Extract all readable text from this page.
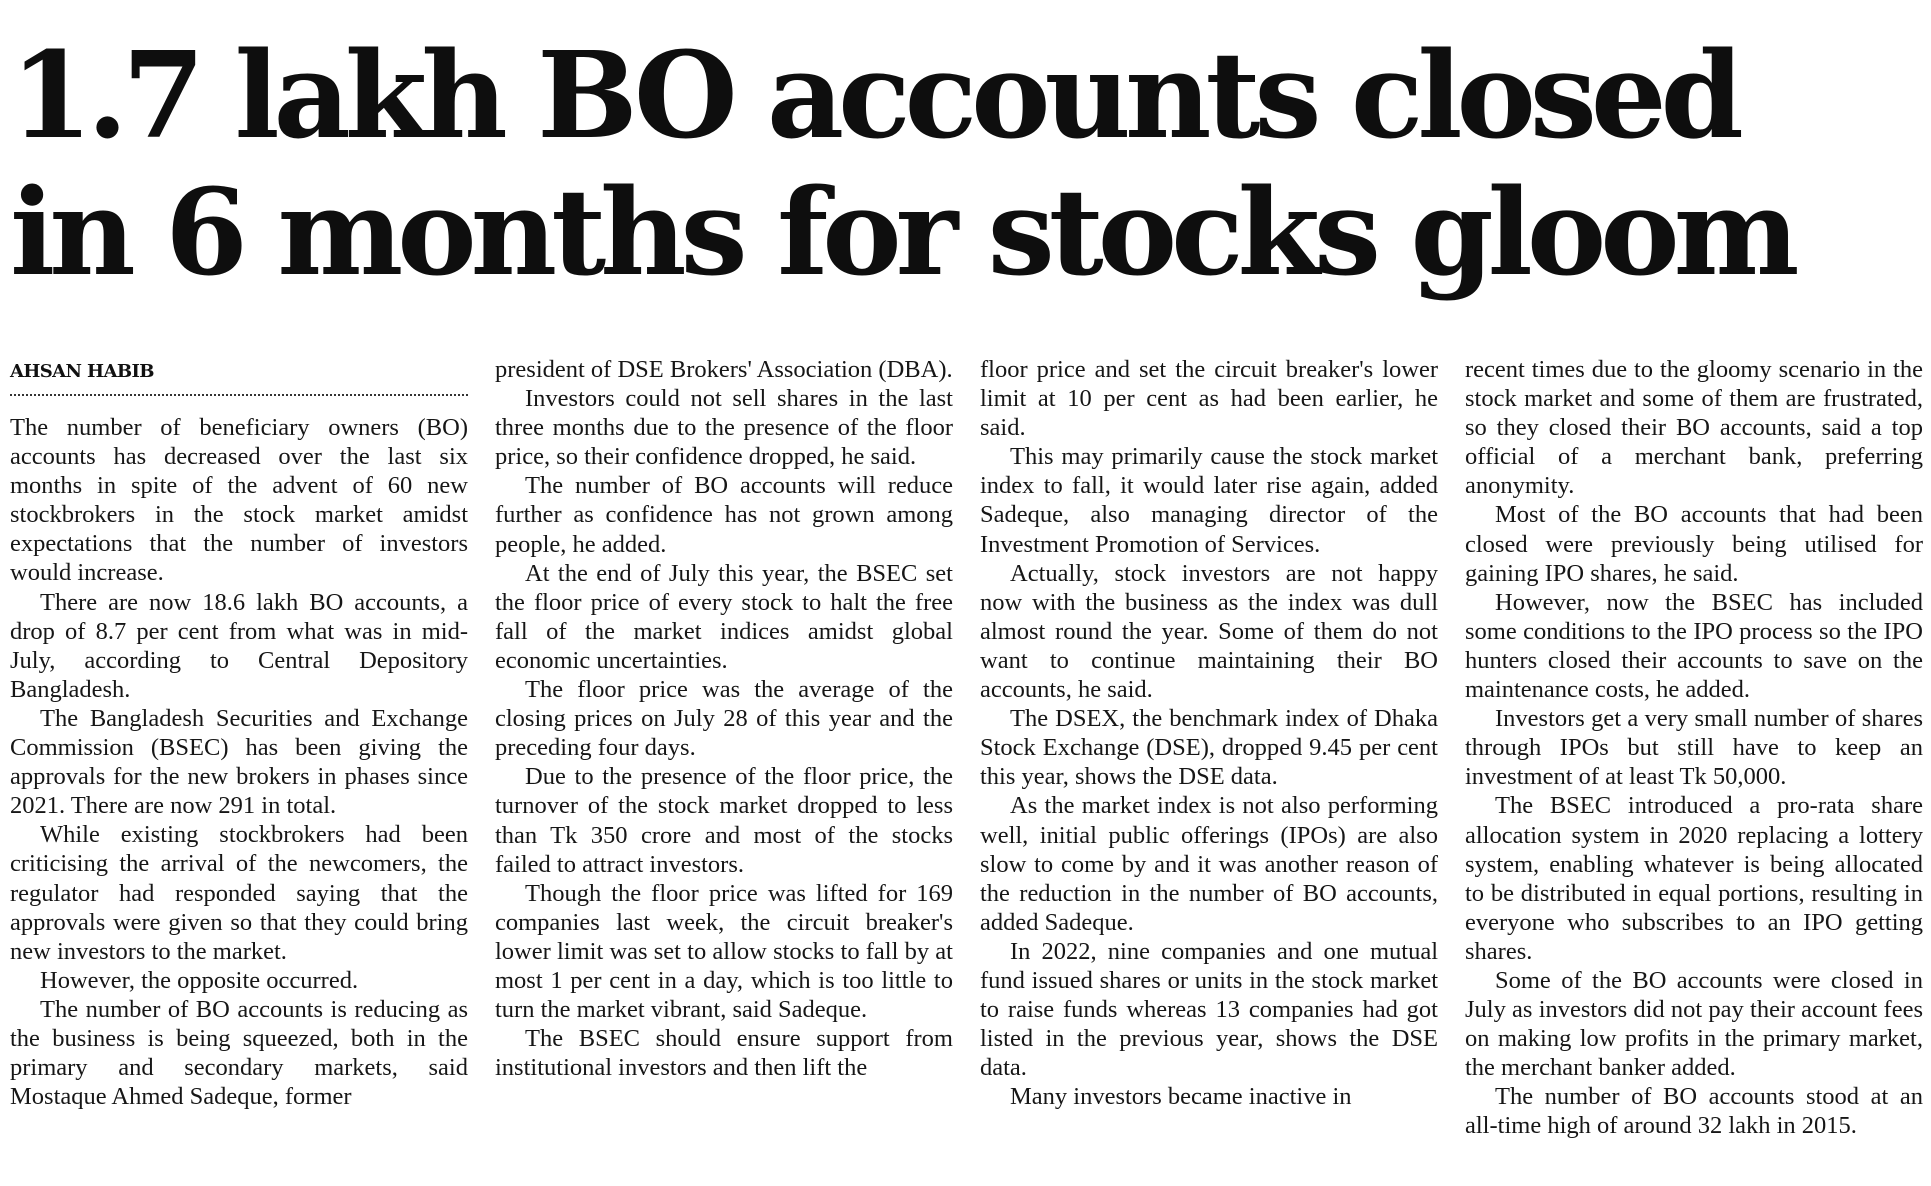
1.7 lakh BO accounts closed
in 6 months for stocks gloom
AHSAN HABIB

The number of beneficiary owners (BO) accounts has decreased over the last six months in spite of the advent of 60 new stockbrokers in the stock market amidst expectations that the number of investors would increase.

There are now 18.6 lakh BO accounts, a drop of 8.7 per cent from what was in mid-July, according to Central Depository Bangladesh.

The Bangladesh Securities and Exchange Commission (BSEC) has been giving the approvals for the new brokers in phases since 2021. There are now 291 in total.

While existing stockbrokers had been criticising the arrival of the newcomers, the regulator had responded saying that the approvals were given so that they could bring new investors to the market.

However, the opposite occurred.

The number of BO accounts is reducing as the business is being squeezed, both in the primary and secondary markets, said Mostaque Ahmed Sadeque, former

president of DSE Brokers' Association (DBA).

Investors could not sell shares in the last three months due to the presence of the floor price, so their confidence dropped, he said.

The number of BO accounts will reduce further as confidence has not grown among people, he added.

At the end of July this year, the BSEC set the floor price of every stock to halt the free fall of the market indices amidst global economic uncertainties.

The floor price was the average of the closing prices on July 28 of this year and the preceding four days.

Due to the presence of the floor price, the turnover of the stock market dropped to less than Tk 350 crore and most of the stocks failed to attract investors.

Though the floor price was lifted for 169 companies last week, the circuit breaker's lower limit was set to allow stocks to fall by at most 1 per cent in a day, which is too little to turn the market vibrant, said Sadeque.

The BSEC should ensure support from institutional investors and then lift the

floor price and set the circuit breaker's lower limit at 10 per cent as had been earlier, he said.

This may primarily cause the stock market index to fall, it would later rise again, added Sadeque, also managing director of the Investment Promotion of Services.

Actually, stock investors are not happy now with the business as the index was dull almost round the year. Some of them do not want to continue maintaining their BO accounts, he said.

The DSEX, the benchmark index of Dhaka Stock Exchange (DSE), dropped 9.45 per cent this year, shows the DSE data.

As the market index is not also performing well, initial public offerings (IPOs) are also slow to come by and it was another reason of the reduction in the number of BO accounts, added Sadeque.

In 2022, nine companies and one mutual fund issued shares or units in the stock market to raise funds whereas 13 companies had got listed in the previous year, shows the DSE data.

Many investors became inactive in

recent times due to the gloomy scenario in the stock market and some of them are frustrated, so they closed their BO accounts, said a top official of a merchant bank, preferring anonymity.

Most of the BO accounts that had been closed were previously being utilised for gaining IPO shares, he said.

However, now the BSEC has included some conditions to the IPO process so the IPO hunters closed their accounts to save on the maintenance costs, he added.

Investors get a very small number of shares through IPOs but still have to keep an investment of at least Tk 50,000.

The BSEC introduced a pro-rata share allocation system in 2020 replacing a lottery system, enabling whatever is being allocated to be distributed in equal portions, resulting in everyone who subscribes to an IPO getting shares.

Some of the BO accounts were closed in July as investors did not pay their account fees on making low profits in the primary market, the merchant banker added.

The number of BO accounts stood at an all-time high of around 32 lakh in 2015.
